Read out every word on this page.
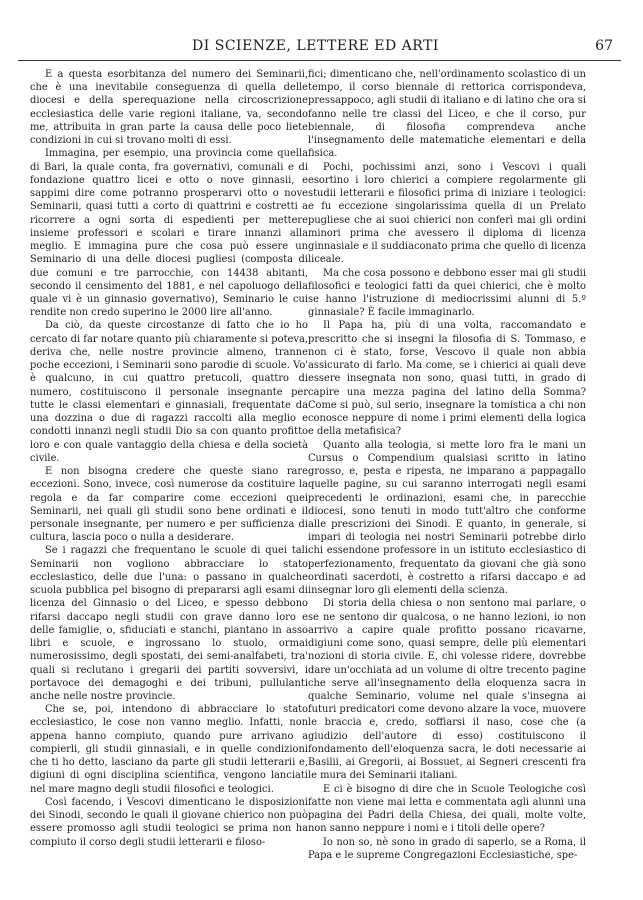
DI SCIENZE, LETTERE ED ARTI	67

E a questa esorbitanza del numero dei Seminarii, che è una inevitabile conseguenza di quella delle diocesi e della sperequazione nella circoscrizione ecclesiastica delle varie regioni italiane, va, secondo me, attribuita in gran parte la causa delle poco liete condizioni in cui si trovano molti di essi.

Immagina, per esempio, una provincia come quella di Bari, la quale conta, fra governativi, comunali e di fondazione quattro licei e otto o nove ginnasii, e sappimi dire come potranno prosperarvi otto o nove Seminarii, quasi tutti a corto di quattrini e costretti a ricorrere a ogni sorta di espedienti per mettere insieme professori e scolari e tirare innanzi alla meglio. E immagina pure che cosa può essere un Seminario di una delle diocesi pugliesi (composta di due comuni e tre parrocchie, con 14438 abitanti, secondo il censimento del 1881, e nel capoluogo della quale vi è un ginnasio governativo), Seminario le cui rendite non credo superino le 2000 lire all'anno.

Da ciò, da queste circostanze di fatto che io ho cercato di far notare quanto più chiaramente si poteva, deriva che, nelle nostre provincie almeno, tranne poche eccezioni, i Seminarii sono parodie di scuole. Vo' è qualcuno, in cui quattro pretucoli, quattro di numero, costituiscono il personale insegnante per tutte le classi elementari e ginnasiali, frequentate da una dozzina o due di ragazzi raccolti alla meglio e condotti innanzi negli studii Dio sa con quanto profitto loro e con quale vantaggio della chiesa e della società civile.

E non bisogna credere che queste siano rare eccezioni. Sono, invece, così numerose da costituire la regola e da far comparire come eccezioni quei Seminarii, nei quali gli studii sono bene ordinati e il personale insegnante, per numero e per sufficienza di cultura, lascia poco o nulla a desiderare.

Se i ragazzi che frequentano le scuole di quei tali Seminarii non vogliono abbracciare lo stato ecclesiastico, delle due l'una: o passano in qualche scuola pubblica pel bisogno di prepararsi agli esami di licenza del Ginnasio o del Liceo, e spesso debbono rifarsi daccapo negli studii con grave danno loro e delle famiglie, o, sfiduciati e stanchi, piantano in asso libri e scuole, e ingrossano lo stuolo, ormai numerosissimo, degli spostati, dei semi-analfabeti, tra' quali si reclutano i gregarii dei partiti sovversivi, i portavoce dei demagoghi e dei tribuni, pullulanti anche nelle nostre provincie.

Che se, poi, intendono di abbracciare lo stato ecclesiastico, le cose non vanno meglio. Infatti, non appena hanno compiuto, quando pure arrivano a compierli, gli studii ginnasiali, e in quelle condizioni che ti ho detto, lasciano da parte gli studii letterarii e, digiuni di ogni disciplina scientifica, vengono lanciati nel mare magno degli studii filosofici e teologici.

Così facendo, i Vescovi dimenticano le disposizioni dei Sinodi, secondo le quali il giovane chierico non può essere promosso agli studii teologici se prima non ha compiuto il corso degli studii letterarii e filoso-

fici; dimenticano che, nell'ordinamento scolastico di un tempo, il corso biennale di rettorica corrispondeva, pressappoco, agli studii di italiano e di latino che ora si fanno nelle tre classi del Liceo, e che il corso, pur biennale, di filosofia comprendeva anche l'insegnamento delle matematiche elementari e della fisica.

Pochi, pochissimi anzi, sono i Vescovi i quali esortino i loro chierici a compiere regolarmente gli studii letterarii e filosofici prima di iniziare i teologici: e fu eccezione singolarissima quella di un Prelato pugliese che ai suoi chierici non conferì mai gli ordini minori prima che avessero il diploma di licenza ginnasiale e il suddiaconato prima che quello di licenza liceale.

Ma che cosa possono e debbono esser mai gli studii filosofici e teologici fatti da quei chierici, che è molto se hanno l'istruzione di mediocrissimi alunni di 5.º ginnasiale? È facile immaginarlo.

Il Papa ha, più di una volta, raccomandato e prescritto che si insegni la filosofia di S. Tommaso, e non ci è stato, forse, Vescovo il quale non abbia assicurato di farlo. Ma come, se i chierici ai quali deve essere insegnata non sono, quasi tutti, in grado di capire una mezza pagina del latino della Somma? Come si può, sul serio, insegnare la tomistica a chi non conosce neppure di nome i primi elementi della logica e della metafisica?

Quanto alla teologia, si mette loro fra le mani un Cursus o Compendium qualsiasi scritto in latino grosso, e, pesta e ripesta, ne imparano a pappagallo quelle pagine, su cui saranno interrogati negli esami precedenti le ordinazioni, esami che, in parecchie diocesi, sono tenuti in modo tutt'altro che conforme alle prescrizioni dei Sinodi. E quanto, in generale, si impari di teologia nei nostri Seminarii potrebbe dirlo chi essendone professore in un istituto ecclesiastico di perfezionamento, frequentato da giovani che già sono ordinati sacerdoti, è costretto a rifarsi daccapo e ad insegnar loro gli elementi della scienza.

Di storia della chiesa o non sentono mai parlare, o se ne sentono dir qualcosa, o ne hanno lezioni, io non arrivo a capire quale profitto possano ricavarne, digiuni come sono, quasi sempre, delle più elementari nozioni di storia civile. E, chi volesse ridere, dovrebbe dare un'occhiata ad un volume di oltre trecento pagine che serve all'insegnamento della eloquenza sacra in qualche Seminario, volume nel quale s'insegna ai futuri predicatori come devono alzare la voce, muovere le braccia e, credo, soffiarsi il naso, cose che (a giudizio dell'autore di esso) costituiscono il fondamento dell'eloquenza sacra, le doti necessarie ai Basilii, ai Gregorii, ai Bossuet, ai Segneri crescenti fra le mura dei Seminarii italiani.

E ci è bisogno di dire che in Scuole Teologiche così fatte non viene mai letta e commentata agli alunni una pagina dei Padri della Chiesa, dei quali, molte volte, non sanno neppure i nomi e i titoli delle opere?

Io non so, nè sono in grado di saperlo, se a Roma, il Papa e le supreme Congregazioni Ecclesiastiche, spe-
